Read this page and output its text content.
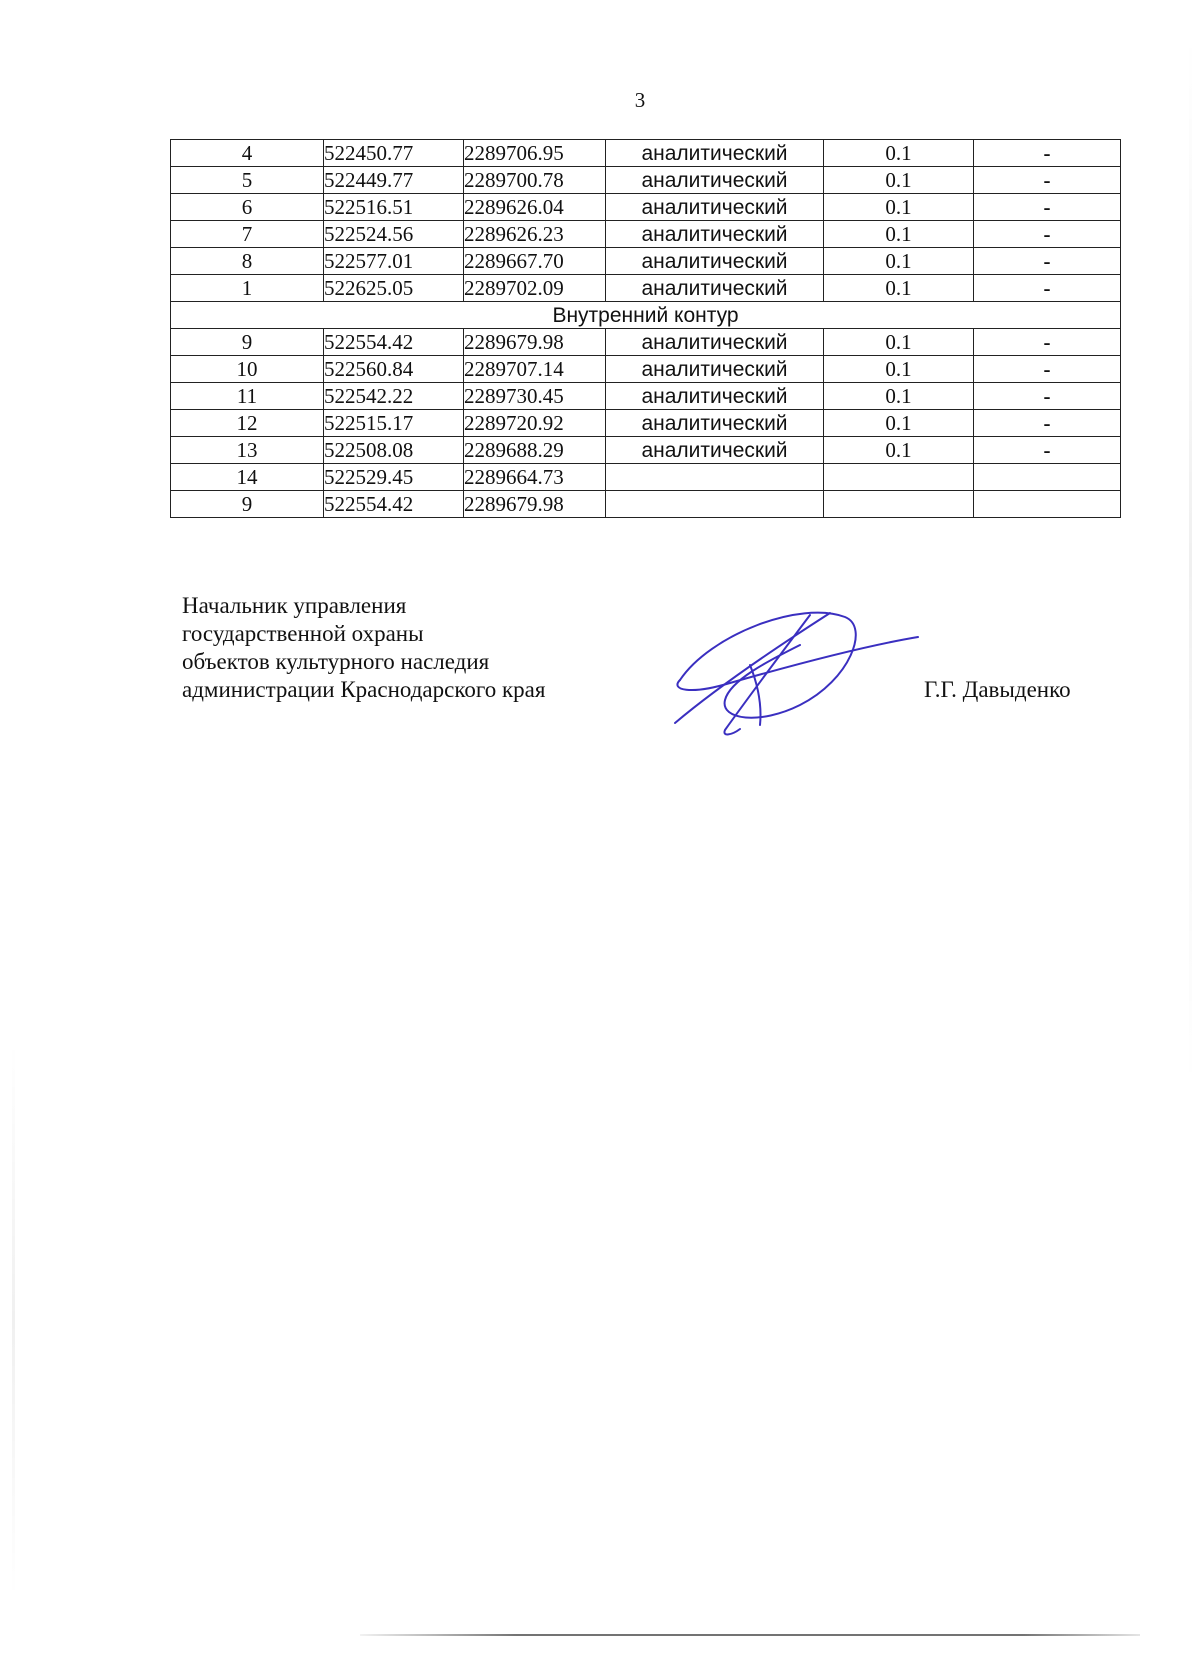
3
4	522450.77	2289706.95	аналитический	0.1	-
5	522449.77	2289700.78	аналитический	0.1	-
6	522516.51	2289626.04	аналитический	0.1	-
7	522524.56	2289626.23	аналитический	0.1	-
8	522577.01	2289667.70	аналитический	0.1	-
1	522625.05	2289702.09	аналитический	0.1	-
Внутренний контур					
9	522554.42	2289679.98	аналитический	0.1	-
10	522560.84	2289707.14	аналитический	0.1	-
11	522542.22	2289730.45	аналитический	0.1	-
12	522515.17	2289720.92	аналитический	0.1	-
13	522508.08	2289688.29	аналитический	0.1	-
14	522529.45	2289664.73			
9	522554.42	2289679.98			
Начальник управления
государственной охраны
объектов культурного наследия
администрации Краснодарского края	Г.Г. Давыденко
